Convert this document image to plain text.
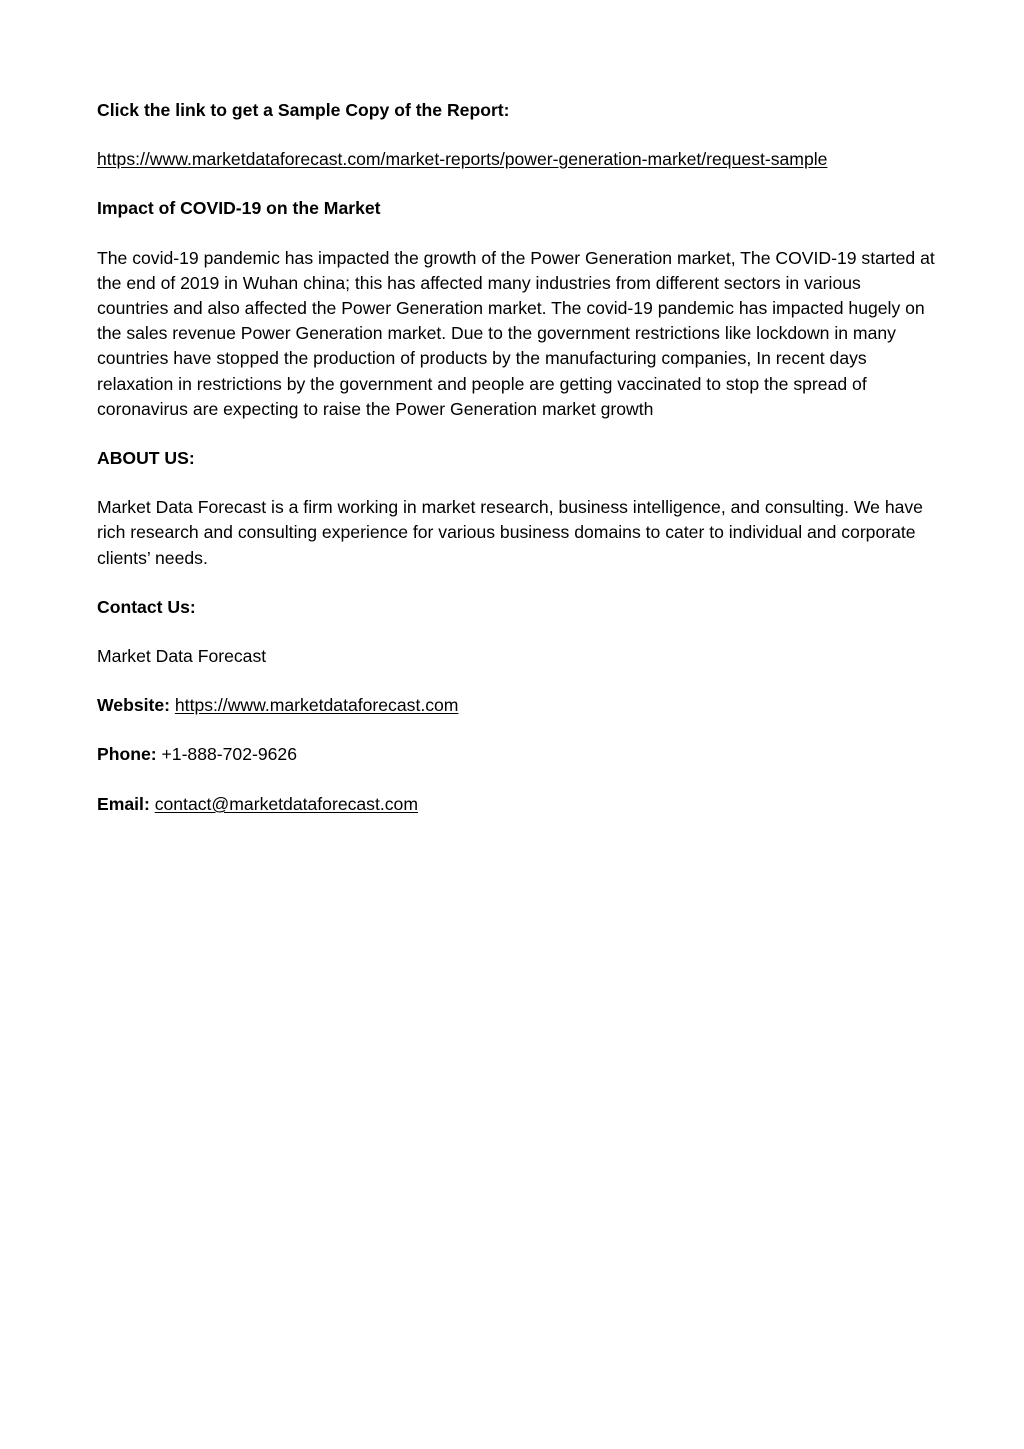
Click the link to get a Sample Copy of the Report:

https://www.marketdataforecast.com/market-reports/power-generation-market/request-sample

Impact of COVID-19 on the Market

The covid-19 pandemic has impacted the growth of the Power Generation market, The COVID-19 started at the end of 2019 in Wuhan china; this has affected many industries from different sectors in various countries and also affected the Power Generation market. The covid-19 pandemic has impacted hugely on the sales revenue Power Generation market. Due to the government restrictions like lockdown in many countries have stopped the production of products by the manufacturing companies, In recent days relaxation in restrictions by the government and people are getting vaccinated to stop the spread of coronavirus are expecting to raise the Power Generation market growth

ABOUT US:

Market Data Forecast is a firm working in market research, business intelligence, and consulting. We have rich research and consulting experience for various business domains to cater to individual and corporate clients’ needs.

Contact Us:

Market Data Forecast

Website: https://www.marketdataforecast.com

Phone: +1-888-702-9626

Email: contact@marketdataforecast.com
